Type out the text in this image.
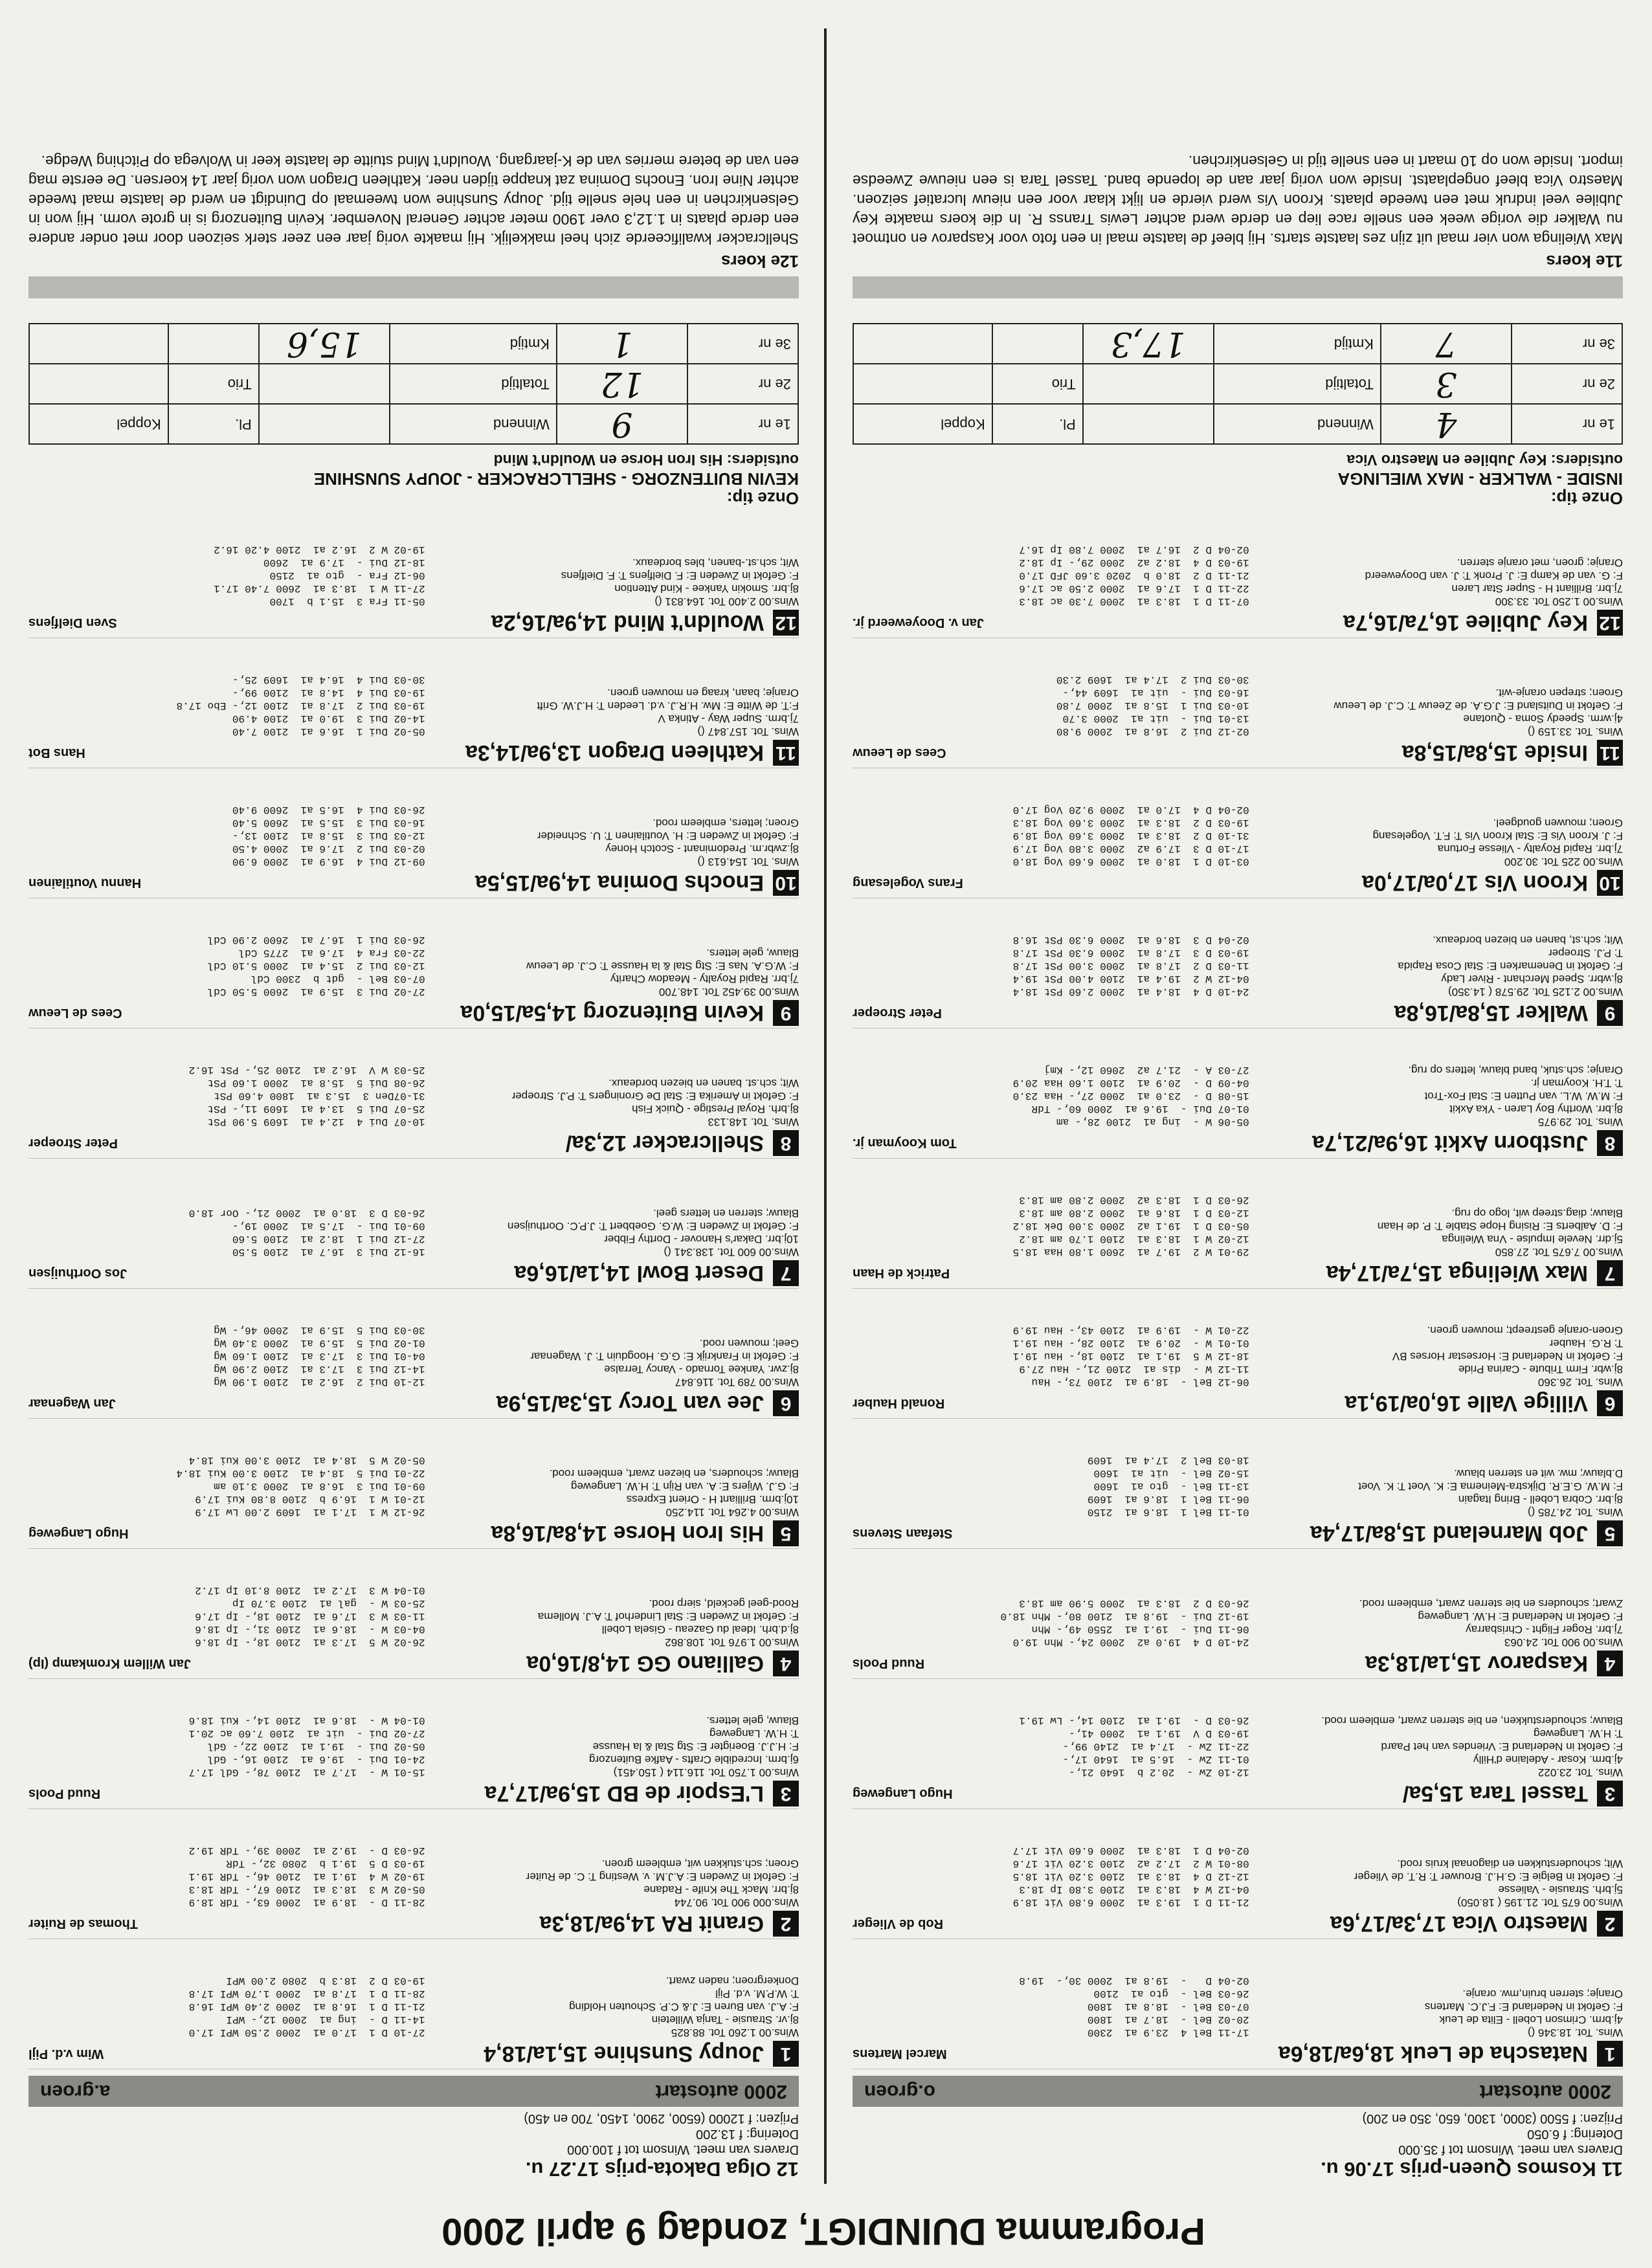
Programma DUINDIGT, zondag 9 april 2000
11 Kosmos Queen-prijs 17.06 u.
Dravers van meet. Winsom tot f 35.000
Dotering: f 6.050
Prijzen: f 5500 (3000, 1300, 650, 350 en 200)
2000 autostart
o.groen
1
Natascha de Leuk 18,6a/18,6a
Marcel Martens
Wins. Tot. 18.346 ()
4j.brm. Crimson Lobell - Elita de Leuk
F: Gefokt in Nederland E: F.J.C. Martens
Oranje; sterren bruin,mw. oranje.
17-11 Bel 4  23.9 a1  2300
20-02 Bel -  18.7 a1  1800
07-03 Bel -  18.8 a1  1800
26-03 Bel -  gto a1  2100
02-04 D   -  19.8 a1  2000 30,-  19.8
2
Maestro Vica 17,3a/17,6a
Rob de Vlieger
Wins.00 675 Tot. 21.195 ( 18.050)
5j.brh. Strausie - Valiesse
F: Gefokt in Belgie E: G.H.J. Brouwer T: R.T. de Vlieger
Wit; schouderstukken en diagonaal kruis rood.
21-11 D 1  19.3 a1  2000 6.80 Vit 18.9
04-12 W 4  18.3 a1  2100 3.80 Ip 18.3
12-12 D 4  18.3 a1  2100 3.20 Vit 18.5
08-01 W 2  17.2 a2  2100 3.20 Vit 17.6
02-04 D 1  18.3 a1  2000 6.60 Vit 17.7
3
Tassel Tara 15,5a/
Hugo Langeweg
Wins. Tot. 23.022
4j.brm. Kosar - Adelaine d'Hilly
F: Gefokt in Nederland E: Vriendes van het Paard
T: H.W. Langeweg
Blauw; schouderstukken, en bie sterren zwart, embleem rood.
12-10 Zw -  20.2 b  1640 21,-
01-11 Zw -  16.5 a1  1640 17,-
22-11 Zw -  17.4 a1  2140 99,-
19-03 D V  19.1 a1  2000 41,-
26-03 D -  19.1 a1  2100 14,- Lw 19.1
4
Kasparov 15,1a/18,3a
Ruud Pools
Wins.00 900 Tot. 24.063
7j.brr. Roger Flight - Chrisbarray
F: Gefokt in Nederland E: H.W. Langeweg
Zwart; schouders en bie sterren zwart, embleem rood.
24-10 D 4  19.0 a2  2000 24,- Mhn 19.0
06-11 Dui -  19.1 a1  2550 49,- Mhn
19-12 Dui -  19.8 a1  2100 80,- Mhn 18.0
26-03 D 2  18.3 a1  2000 5.90 am 18.3
5
Job Marneland 15,8a/17,4a
Stefaan Stevens
Wins. Tot. 24.785 ()
8j.brr. Cobra Lobell - Bring Itagain
F: M.W. G.E.R. Dijkstra-Meinema E: K. Voet T: K. Voet
D.blauw; mw. wit en sterren blauw.
01-11 Bel 1  18.6 a1  2150
06-11 Bel 1  18.6 a1  1609
13-11 Bel -  gto a1  1600
15-02 Bel -  uit a1  1600
18-03 Bel 2  17.4 a1  1609
6
Villige Valle 16,0a/19,1a
Ronald Hauber
Wins. Tot. 26.360
8j.wbr. Firm Tribute - Carina Pride
F: Gefokt in Nederland E: Horsestar Horses BV
T: R.G. Hauber
Groen-oranje gestreept; mouwen groen.
06-12 Bel -  18.9 a1  2100 73,- Hau
11-12 W -  dis a1  2100 21,- Hau 27.9
18-12 W 5  19.1 a1  2100 18,- Hau 19.1
01-01 W -  20.9 a1  2100 28,- Hau 19.1
22-01 W -  19.9 a1  2100 43,- Hau 19.9
7
Max Wielinga 15,7a/17,4a
Patrick de Haan
Wins.00 7.675 Tot. 27.850
5j.drr. Nevele Impulse - Vna Wielinga
F: D. Aalberts E: Rising Hope Stable T: P. de Haan
Blauw; diag.streep wit, logo op rug.
29-01 W 2  19.7 a1  2600 1.80 Haa 18.5
12-02 W 1  18.3 a1  2100 1.70 am 18.2
05-03 D 1  19.1 a2  2000 3.00 Dek 18.2
12-03 D 1  18.6 a1  2000 2.80 am 18.3
26-03 D 1  18.3 a2  2000 2.80 am 18.3
8
Justborn Axkit 16,9a/21,7a
Tom Kooyman jr.
Wins. Tot. 29.975
8j.brr. Worthy Boy Laren - Yka Axkit
F: M.W. W.L. van Putten E: Stal Fox-Trot
T: T.H. Kooyman jr.
Oranje; sch.stuk, band blauw, letters op rug.
05-06 W -  ing a1  2100 28,- am
01-07 Dui -  19.6 a1  2000 60,- TdR
15-08 D -  23.0 a1  2000 27,- Haa 23.0
04-09 D -  20.9 a1  2100 1.60 Haa 20.9
27-03 A -  21.7 a2  2060 12,- Kmj
9
Walker 15,8a/16,8a
Peter Stroeper
Wins.00 2.125 Tot. 29.578 ( 14.350)
8j.wbrr. Speed Merchant - River Lady
F: Gefokt in Denemarken E: Stal Cosa Rapida
T: P.J. Stroeper
Wit; sch.st, banen en biezen bordeaux.
24-10 D 4  18.4 a1  2000 2.60 PSt 18.4
04-12 W 2  19.4 a1  2100 4.00 PSt 19.4
11-03 D 2  17.8 a1  2000 3.00 PSt 17.8
19-03 D 3  17.8 a1  2000 6.30 PSt 17.8
02-04 D 3  18.6 a1  2000 6.30 PSt 16.8
10
Kroon Vis 17,0a/17,0a
Frans Vogelesang
Wins.00 225 Tot. 30.200
7j.brr. Rapid Royalty - Vliesse Fortuna
F: J. Kroon Vis E: Stal Kroon Vis T: F.T. Vogelesang
Groen; mouwen goudgeel.
03-10 D 1  18.0 a1  2000 6.60 Vog 18.0
17-10 D 3  17.9 a2  2000 3.80 Vog 17.9
31-10 D 2  18.3 a1  2000 3.60 Vog 18.9
19-03 D 2  18.3 a1  2000 3.60 Vog 18.3
02-04 D 4  17.0 a1  2000 9.20 Vog 17.0
11
Inside 15,8a/15,8a
Cees de Leeuw
Wins. Tot. 33.159 ()
4j.wrm. Speedy Soma - Quotane
F: Gefokt in Duitsland E: J.G.A. de Zeeuw T: C.J. de Leeuw
Groen; strepen oranje-wit.
02-12 Dui 2  16.8 a1  2000 9.80
13-01 Dui -  uit a1  2000 3.70
10-03 Dui 1  15.8 a1  2000 7.80
16-03 Dui -  uit a1  1609 44,-
30-03 Dui 2  17.4 a1  1609 2.30
12
Key Jubilee 16,7a/16,7a
Jan v. Dooyeweerd jr.
Wins.00 1.250 Tot. 33.300
7j.brr. Brilliant H - Super Star Laren
F: G. van de Kamp E: J. Pronk T: J. van Dooyeweerd
Oranje; groen, met oranje sterren.
07-11 D 1  18.3 a1  2000 7.30 ac 18.3
22-11 D 1  17.6 a1  2000 2.50 ac 17.6
21-11 D 2  18.0 b  2020 3.60 JFD 17.0
19-03 D 4  18.2 a2  2000 29,- Ip 18.2
02-04 D 2  16.7 a1  2000 7.80 Ip 16.7
Onze tip:
INSIDE - WALKER - MAX WIELINGA
outsiders: Key Jubilee en Maestro Vica
1e nr	4	Winnend		Pl.	Koppel
2e nr	3	Totaltijd		Trio	
3e nr	7	Kmtijd	17,3		
11e koers
Max Wielinga won vier maal uit zijn zes laatste starts. Hij bleef de laatste maal in een foto voor Kasparov en ontmoet nu Walker die vorige week een snelle race liep en derde werd achter Lewis Transs R. In die koers maakte Key Jubilee veel indruk met een tweede plaats. Kroon Vis werd vierde en lijkt klaar voor een nieuw lucratief seizoen. Maestro Vica bleef ongeplaatst. Inside won vorig jaar aan de lopende band. Tassel Tara is een nieuwe Zweedse import. Inside won op 10 maart in een snelle tijd in Gelsenkirchen.
12 Olga Dakota-prijs 17.27 u.
Dravers van meet. Winsom tot f 100.000
Dotering: f 13.200
Prijzen: f 12000 (6500, 2900, 1450, 700 en 450)
2000 autostart
a.groen
1
Joupy Sunshine 15,1a/18,4
Wim v.d. Pijl
Wins.00 1.260 Tot. 88.825
8j.vr. Strausie - Tanja Willetein
F: A.J. van Buren E: J.& C.P. Schouten Holding
T: W.P.M. v.d. Pijl
Donkergroen; naden zwart.
27-10 D 1  17.0 a1  2000 2.50 WPI 17.0
14-11 D -  ing a1  2000 12,- WPI
21-11 D 1  16.8 a1  2000 2.40 WPI 16.8
28-11 D 1  17.8 a1  2000 1.70 WPI 17.8
19-03 D 2  18.3 b  2080 2.00 WPI
2
Granit RA 14,9a/18,3a
Thomas de Ruiter
Wins.000 900 Tot. 90.744
8j.brr. Mack The Knife - Radane
F: Gefokt in Zweden E: A.J.M. v. Westing T: C. de Ruiter
Groen; sch.stukken wit, embleem groen.
28-11 D -  18.9 a1  2000 63,- TdR 18.9
05-02 W 3  18.3 a1  2100 67,- TdR 18.3
19-02 W 4  19.1 a1  2100 46,- TdR 19.1
19-03 D 5  19.1 b  2080 32,- TdR
26-03 D -  19.2 a1  2000 39,- TdR 19.2
3
L'Espoir de BD 15,9a/17,7a
Ruud Pools
Wins.00 1.750 Tot. 116.114 ( 150.451)
6j.brm. Incredible Crafts - Aafke Buitenzorg
F: H.J.J. Boerigter E: Stg Stal & la Hausse
T: H.W. Langeweg
Blauw, gele letters.
15-01 W -  17.7 a1  2100 78,- Gdl 17.7
24-01 Dui -  19.6 a1  2100 16,- Gdl
05-02 Dui -  19.1 a1  2100 22,- Gdl
27-02 Dui -  uit a1  2100 7.60 ac 20.1
01-04 W -  18.6 a1  2100 14,- Kui 18.6
4
Galliano GG 14,8/16,0a
Jan Willem Kromkamp (Ip)
Wins.00 1.976 Tot. 108.862
8j.d.brh. Ideal du Gazeau - Gisela Lobell
F: Gefokt in Zweden E: Stal Linderhof T: A.J. Mollema
Rood-geel geckeld, sierp rood.
26-02 W 5  17.3 a1  2100 18,- Ip 18.6
04-03 W -  18.6 a1  2100 31,- Ip 18.6
11-03 W 3  17.6 a1  2100 18,- Ip 17.6
25-03 W -  gal a1  2100 3.70 Ip
01-04 W 3  17.2 a1  2100 8.10 Ip 17.2
5
His Iron Horse 14,8a/16,8a
Hugo Langeweg
Wins.00 4.264 Tot. 114.250
10j.brm. Brilliant H - Orient Express
F: G.J. Wijers E: A. van Rijn T: H.W. Langeweg
Blauw; schouders, en biezen zwart, embleem rood.
26-12 W 1  17.1 a1  1609 2.00 Lw 17.9
12-01 W 1  16.9 b  2100 8.80 Kui 17.9
09-01 Dui 3  16.8 a1  2000 3.10 am
22-01 Dui 5  18.4 a1  2100 3.00 Kui 18.4
05-02 W 5  18.4 a1  2100 3.00 Kui 18.4
6
Jee van Torcy 15,3a/15,9a
Jan Wagenaar
Wins.00 789 Tot. 116.847
8j.zwr. Yankee Tornado - Vancy Terralse
F: Gefokt in Frankrijk E: G.G. Hoogduin T: J. Wagenaar
Geel; mouwen rood.
12-10 Dui 2  16.2 a1  2100 1.90 Wg
14-12 Dui 3  17.3 a1  2100 2.90 Wg
04-01 Dui 3  17.3 a1  2100 1.60 Wg
01-02 Dui 5  15.9 a1  2000 3.40 Wg
30-03 Dui 5  15.9 a1  2000 46,- Wg
7
Desert Bowl 14,1a/16,6a
Jos Oorthuijsen
Wins.00 600 Tot. 138.341 ()
10j.brr. Dakar's Hanover - Dorthy Fibber
F: Gefokt in Zweden E: W.G. Goebbert T: J.P.C. Oorthuijsen
Blauw; sterren en letters geel.
16-12 Dui 3  16.7 a1  2100 5.50
27-12 Dui 1  18.2 a1  2100 5.60
09-01 Dui -  17.5 a1  2000 19,-
26-03 D 3  18.0 a1  2000 21,- Oor 18.0
8
Shellcracker 12,3a/
Peter Stroeper
Wins. Tot. 148.133
8j.brh. Royal Prestige - Quick Fish
F: Gefokt in Amerika E: Stal De Groningers T: P.J. Stroeper
Wit; sch.st. banen en biezen bordeaux.
10-07 Dui 4  12.4 a1  1609 5.90 PSt
25-07 Dui 5  13.4 a1  1609 11,- PSt
31-07Den 3  15.3 a1  1800 4.60 PSt
26-08 Dui 5  15.8 a1  2000 1.60 PSt
25-03 W V  16.2 a1  2100 25,- PSt 16.2
9
Kevin Buitenzorg 14,5a/15,0a
Cees de Leeuw
Wins.00 39.452 Tot. 148.700
7j.brr. Rapid Royalty - Meadow Charity
F: W.G.A. Nas E: Stg Stal & la Hausse T: C.J. de Leeuw
Blauw, gele letters.
27-02 Dui 3  15.9 a1  2600 5.50 Cdl
07-03 Bel -  gdt b  2300 Cdl
12-03 Dui 2  15.4 a1  2000 5.10 Cdl
22-03 Fra 4  17.6 a1  2775 Cdl
26-03 Dui 1  16.7 a1  2600 2.90 Cdl
10
Enochs Domina 14,9a/15,5a
Hannu Voutilainen
Wins. Tot. 154.613 ()
8j.zwbr.m. Predominant - Scotch Honey
F: Gefokt in Zweden E: H. Voutilainen T: U. Schneider
Groen; letters, embleem rood.
09-12 Dui 4  16.9 a1  2000 6.90
02-03 Dui 2  17.6 a1  2000 4.50
12-03 Dui 3  15.8 a1  2100 13,-
16-03 Dui 3  15.5 a1  2600 5.40
26-03 Dui 4  16.5 a1  2600 9.40
11
Kathleen Dragon 13,9a/14,3a
Hans Bot
Wins. Tot. 157.847 ()
7j.brm. Super Way - Atinka V
F:T. de Witte E: Mw. H.R.J. v.d. Leeden T: H.J.W. Grift
Oranje; baan, kraag en mouwen groen.
05-02 Dui 1  16.6 a1  2100 7.40
14-02 Dui 3  19.0 a1  2100 4.90
19-03 Dui 2  17.8 a1  2100 12,- Ebo 17.8
19-03 Dui 4  14.8 a1  2100 99,-
30-03 Dui 4  16.4 a1  1609 25,-
12
Wouldn't Mind 14,9a/16,2a
Sven Dielfjens
Wins.00 2.400 Tot. 164.831 ()
8j.brr. Smokin Yankee - Kind Attention
F: Gefokt in Zweden E: F. Dielfjens T: F. Dielfjens
Wit; sch.st.-banen, bles bordeaux.
05-11 Fra 3  15.1 b  1700
27-11 W 1  18.3 a1  2600 7.40 17.1
06-12 Fra -  gto a1  2150
18-12 Dui -  17.9 a1  2600
19-02 W 2  16.2 a1  2100 4.20 16.2
Onze tip:
KEVIN BUITENZORG - SHELLCRACKER - JOUPY SUNSHINE
outsiders: His Iron Horse en Wouldn't Mind
1e nr	9	Winnend		Pl.	Koppel
2e nr	12	Totaltijd		Trio	
3e nr	1	Kmtijd	15,6		
12e koers
Shellcracker kwalificeerde zich heel makkelijk. Hij maakte vorig jaar een zeer sterk seizoen door met onder andere een derde plaats in 1.12,3 over 1900 meter achter General November. Kevin Buitenzorg is in grote vorm. Hij won in Gelsenkirchen in een hele snelle tijd. Joupy Sunshine won tweemaal op Duindigt en werd de laatste maal tweede achter Nine Iron. Enochs Domina zat knappe tijden neer. Kathleen Dragon won vorig jaar 14 koersen. De eerste mag een van de betere merries van de K-jaargang. Wouldn't Mind stuitte de laatste keer in Wolvega op Pitching Wedge.
